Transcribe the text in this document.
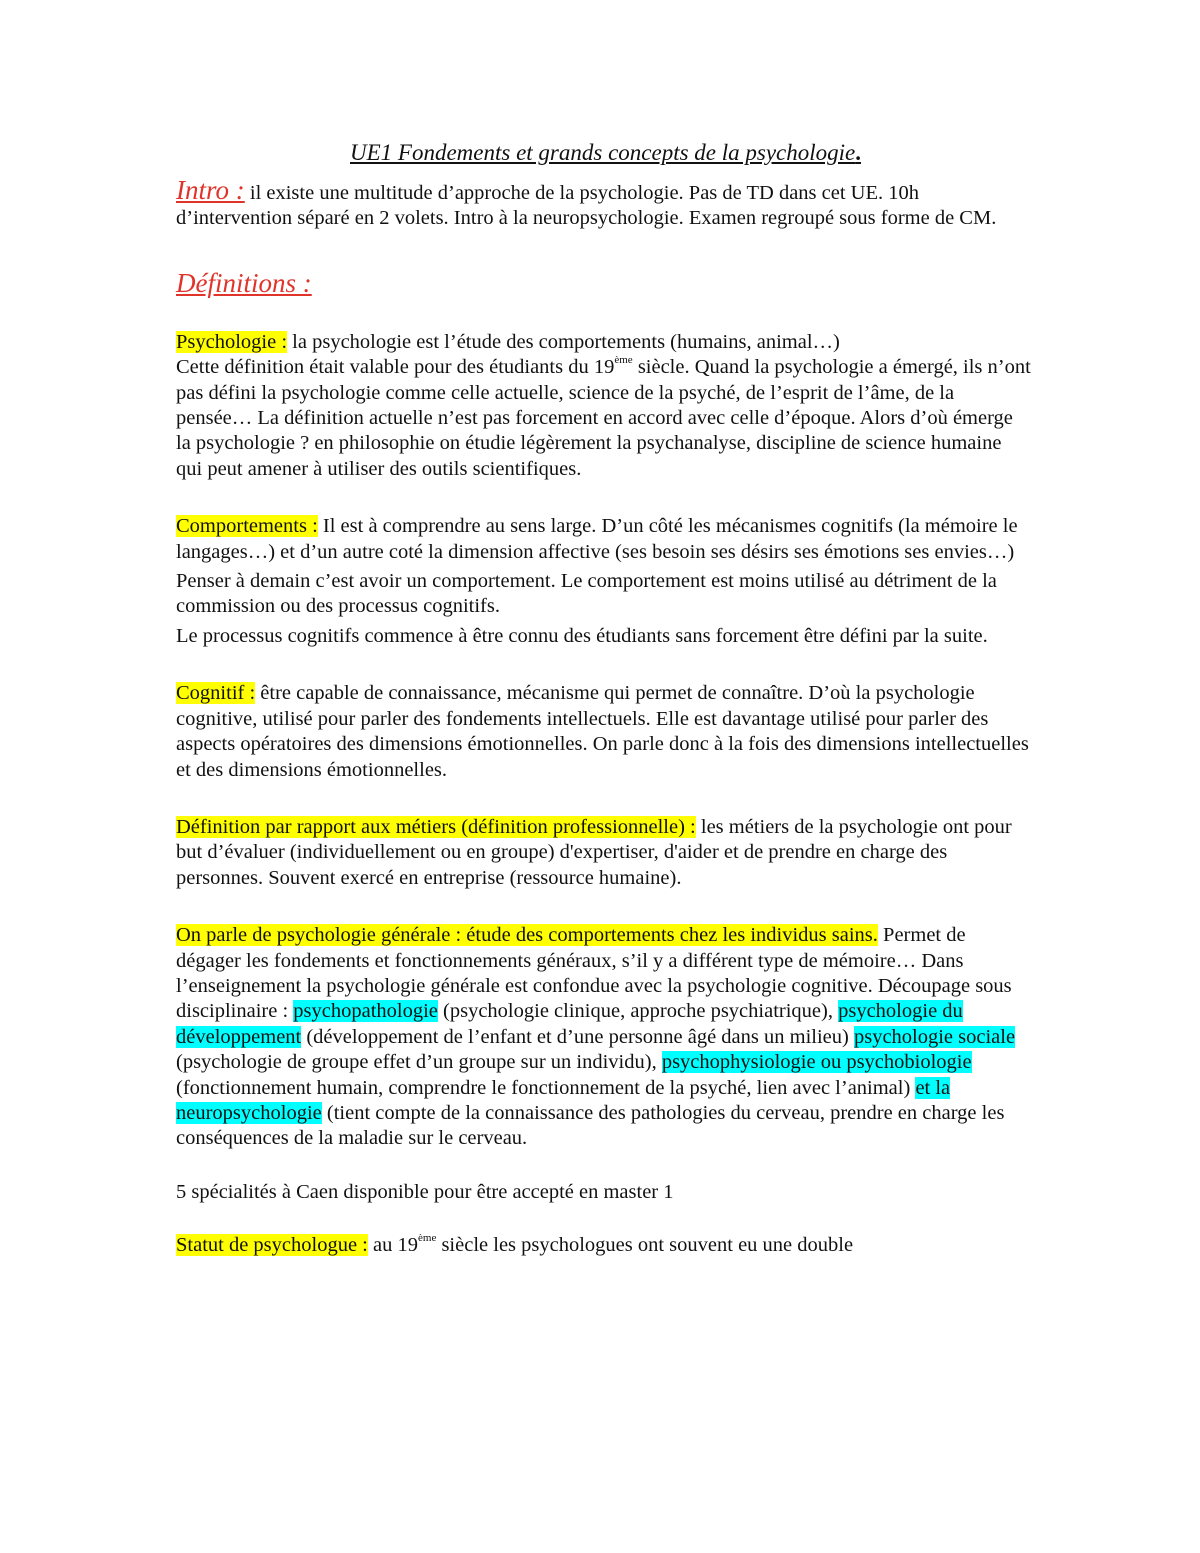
UE1 Fondements et grands concepts de la psychologie.

Intro : il existe une multitude d’approche de la psychologie. Pas de TD dans cet UE. 10h d’intervention séparé en 2 volets. Intro à la neuropsychologie. Examen regroupé sous forme de CM.

Définitions :

Psychologie : la psychologie est l’étude des comportements (humains, animal…)

Cette définition était valable pour des étudiants du 19ème siècle. Quand la psychologie a émergé, ils n’ont pas défini la psychologie comme celle actuelle, science de la psyché, de l’esprit de l’âme, de la pensée… La définition actuelle n’est pas forcement en accord avec celle d’époque. Alors d’où émerge la psychologie ? en philosophie on étudie légèrement la psychanalyse, discipline de science humaine qui peut amener à utiliser des outils scientifiques.

Comportements : Il est à comprendre au sens large. D’un côté les mécanismes cognitifs (la mémoire le langages…) et d’un autre coté la dimension affective (ses besoin ses désirs ses émotions ses envies…)

Penser à demain c’est avoir un comportement. Le comportement est moins utilisé au détriment de la commission ou des processus cognitifs.

Le processus cognitifs commence à être connu des étudiants sans forcement être défini par la suite.

Cognitif : être capable de connaissance, mécanisme qui permet de connaître. D’où la psychologie cognitive, utilisé pour parler des fondements intellectuels. Elle est davantage utilisé pour parler des aspects opératoires des dimensions émotionnelles. On parle donc à la fois des dimensions intellectuelles et des dimensions émotionnelles.

Définition par rapport aux métiers (définition professionnelle) : les métiers de la psychologie ont pour but d’évaluer (individuellement ou en groupe) d'expertiser, d'aider et de prendre en charge des personnes. Souvent exercé en entreprise (ressource humaine).

On parle de psychologie générale : étude des comportements chez les individus sains. Permet de dégager les fondements et fonctionnements généraux, s’il y a différent type de mémoire… Dans l’enseignement la psychologie générale est confondue avec la psychologie cognitive. Découpage sous disciplinaire : psychopathologie (psychologie clinique, approche psychiatrique), psychologie du développement (développement de l’enfant et d’une personne âgé dans un milieu) psychologie sociale (psychologie de groupe effet d’un groupe sur un individu), psychophysiologie ou psychobiologie (fonctionnement humain, comprendre le fonctionnement de la psyché, lien avec l’animal) et la neuropsychologie (tient compte de la connaissance des pathologies du cerveau, prendre en charge les conséquences de la maladie sur le cerveau.

5 spécialités à Caen disponible pour être accepté en master 1

Statut de psychologue : au 19ème siècle les psychologues ont souvent eu une double
